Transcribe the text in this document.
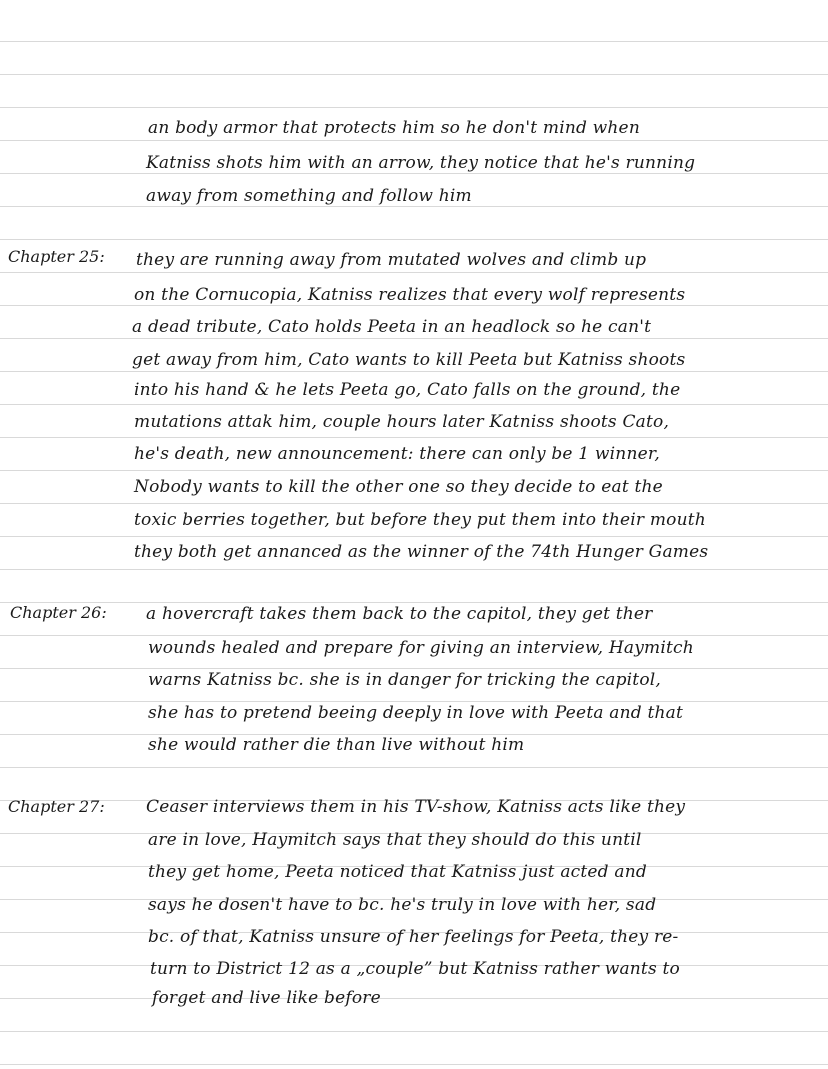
an body armor that protects him so he don't mind when
Katniss shots him with an arrow, they notice that he's running
away from something and follow him
Chapter 25: they are running away from mutated wolves and climb up
on the Cornucopia, Katniss realizes that every wolf represents
a dead tribute, Cato holds Peeta in an headlock so he can't
get away from him, Cato wants to kill Peeta but Katniss shoots
into his hand & he lets Peeta go, Cato falls on the ground, the
mutations attak him, couple hours later Katniss shoots Cato,
he's death, new announcement: there can only be 1 winner,
Nobody wants to kill the other one so they decide to eat the
toxic berries together, but before they put them into their mouth
they both get annanced as the winner of the 74th Hunger Games
Chapter 26: a hovercraft takes them back to the capitol, they get ther
wounds healed and prepare for giving an interview, Haymitch
warns Katniss bc. she is in danger for tricking the capitol,
she has to pretend beeing deeply in love with Peeta and that
she would rather die than live without him
Chapter 27: Ceaser interviews them in his TV-show, Katniss acts like they
are in love, Haymitch says that they should do this until
they get home, Peeta noticed that Katniss just acted and
says he dosen't have to bc. he's truly in love with her, sad
bc. of that, Katniss unsure of her feelings for Peeta, they re-
turn to District 12 as a „couple” but Katniss rather wants to
forget and live like before
